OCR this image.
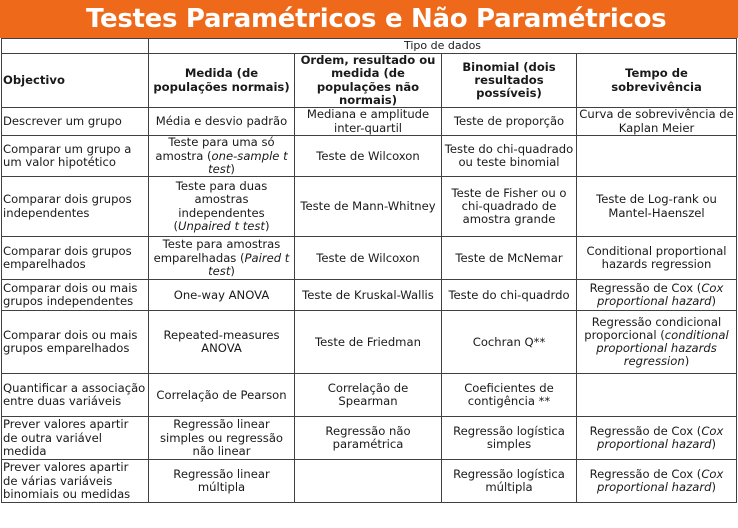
Testes Paramétricos e Não Paramétricos
	Tipo de dados			
Objectivo	Medida (de populações normais)	Ordem, resultado ou medida (de populações não normais)	Binomial (dois resultados possíveis)	Tempo de sobrevivência
Descrever um grupo	Média e desvio padrão	Mediana e amplitude inter-quartil	Teste de proporção	Curva de sobrevivência de Kaplan Meier
Comparar um grupo a um valor hipotético	Teste para uma só amostra (one-sample t test)	Teste de Wilcoxon	Teste do chi-quadrado ou teste binomial	
Comparar dois grupos independentes	Teste para duas amostras independentes (Unpaired t test)	Teste de Mann-Whitney	Teste de Fisher ou o chi-quadrado de amostra grande	Teste de Log-rank ou Mantel-Haenszel
Comparar dois grupos emparelhados	Teste para amostras emparelhadas (Paired t test)	Teste de Wilcoxon	Teste de McNemar	Conditional proportional hazards regression
Comparar dois ou mais grupos independentes	One-way ANOVA	Teste de Kruskal-Wallis	Teste do chi-quadrdo	Regressão de Cox (Cox proportional hazard)
Comparar dois ou mais grupos emparelhados	Repeated-measures ANOVA	Teste de Friedman	Cochran Q**	Regressão condicional proporcional (conditional proportional hazards regression)
Quantificar a associação entre duas variáveis	Correlação de Pearson	Correlação de Spearman	Coeficientes de contigência **	
Prever valores apartir de outra variável medida	Regressão linear simples ou regressão não linear	Regressão não paramétrica	Regressão logística simples	Regressão de Cox (Cox proportional hazard)
Prever valores apartir de várias variáveis binomiais ou medidas	Regressão linear múltipla		Regressão logística múltipla	Regressão de Cox (Cox proportional hazard)
